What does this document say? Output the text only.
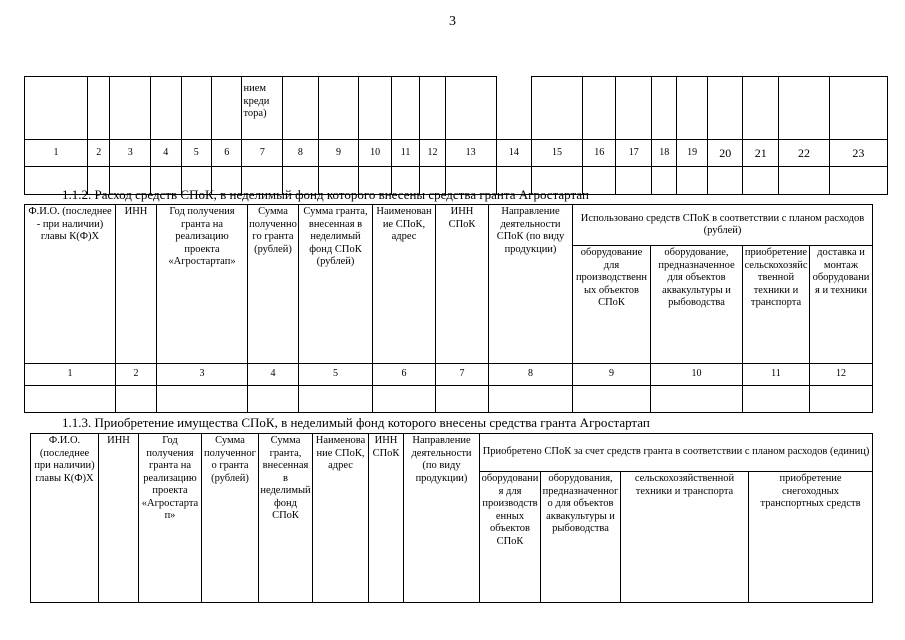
3
						нием креди тора)																
1	2	3	4	5	6	7	8	9	10	11	12	13	14	15	16	17	18	19	20	21	22	23

1.1.2. Расход средств СПоК, в неделимый фонд которого внесены средства гранта Агростартап
Ф.И.О. (последнее - при наличии) главы К(Ф)Х	ИНН	Год получения гранта на реализацию проекта «Агростартап»	Сумма полученного гранта (рублей)	Сумма гранта, внесенная в неделимый фонд СПоК (рублей)	Наименование СПоК, адрес	ИНН СПоК	Направление деятельности СПоК (по виду продукции)	Использовано средств СПоК в соответствии с планом расходов (рублей)			
								оборудование для производственных объектов СПоК	оборудование, предназначенное для объектов аквакультуры и рыбоводства	приобретение сельскохозяйственной техники и транспорта	доставка и монтаж оборудования и техники
1	2	3	4	5	6	7	8	9	10	11	12

1.1.3. Приобретение имущества СПоК, в неделимый фонд которого внесены средства гранта Агростартап
Ф.И.О. (последнее при наличии) главы К(Ф)Х	ИНН	Год получения гранта на реализацию проекта «Агростартап»	Сумма полученного гранта (рублей)	Сумма гранта, внесенная в неделимый фонд СПоК	Наименование СПоК, адрес	ИНН СПоК	Направление деятельности (по виду продукции)	Приобретено СПоК за счет средств гранта в соответствии с планом расходов (единиц)			
								оборудования для производственных объектов СПоК	оборудования, предназначенного для объектов аквакультуры и рыбоводства	сельскохозяйственной техники и транспорта	приобретение снегоходных транспортных средств
